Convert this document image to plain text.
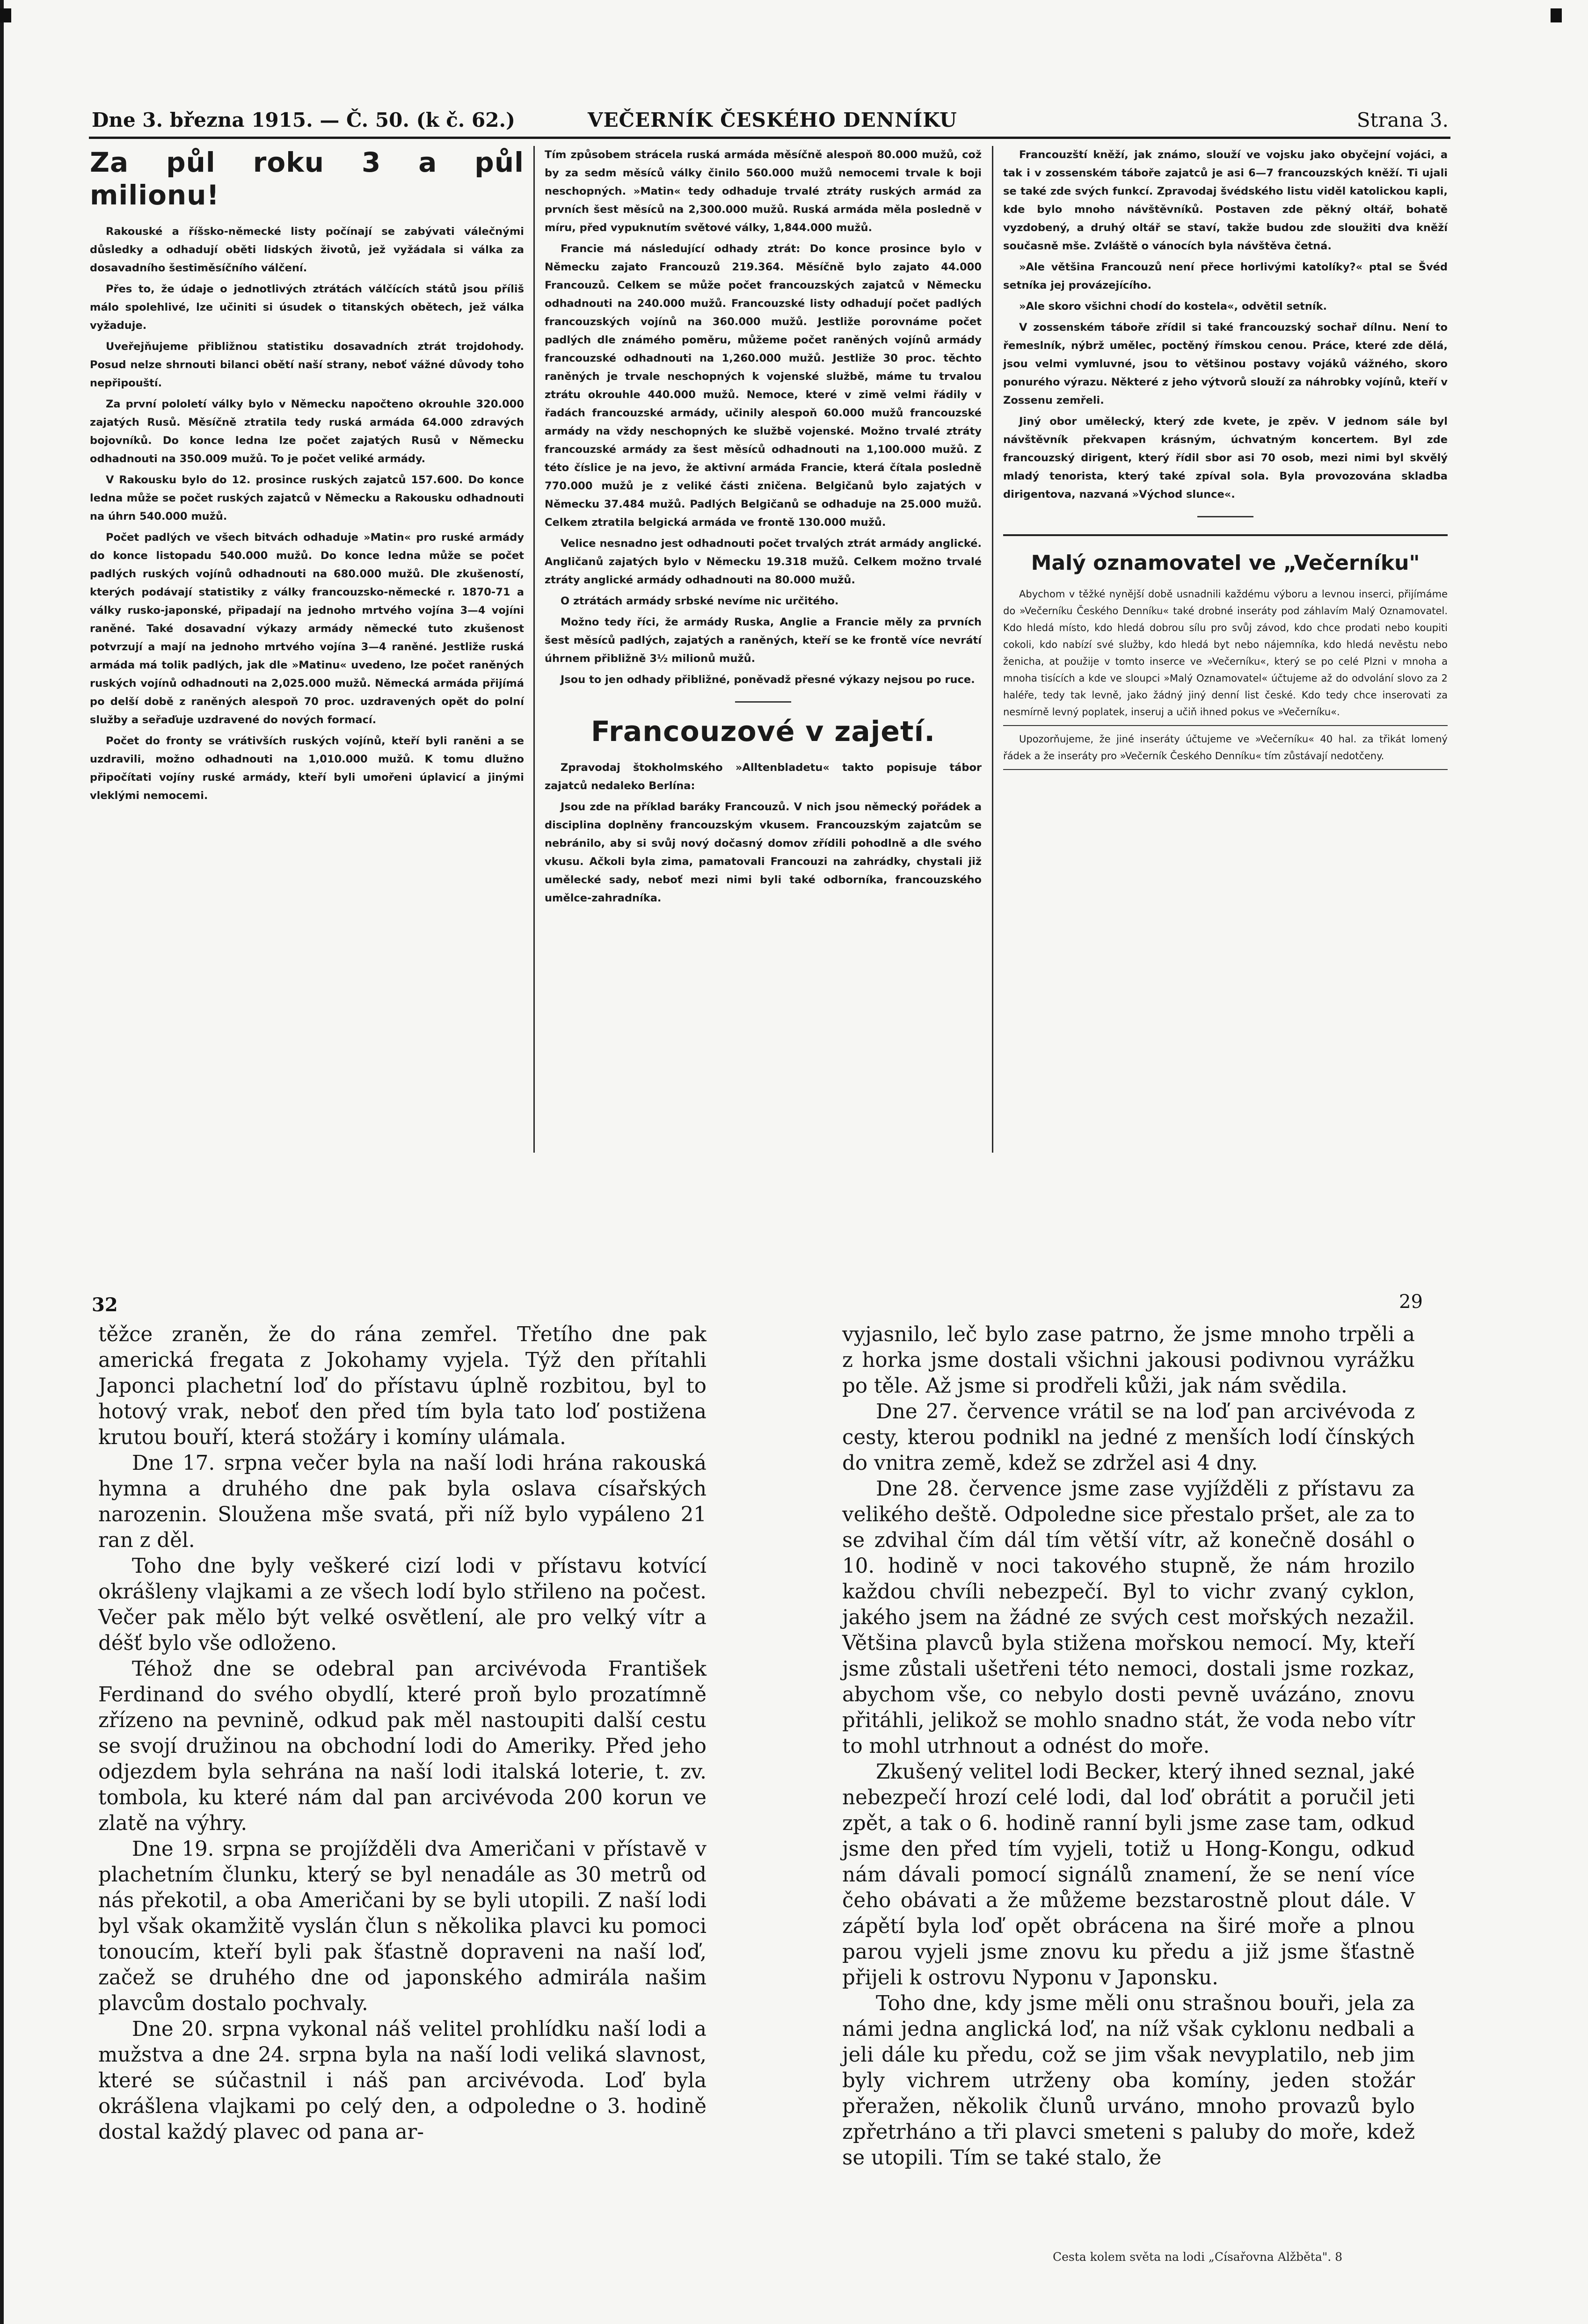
Dne 3. března 1915. — Č. 50. (k č. 62.)	VEČERNÍK ČESKÉHO DENNÍKU	Strana 3.
Za půl roku 3 a půl milionu!

Rakouské a říšsko-německé listy počínají se zabývati válečnými důsledky a odhadují oběti lidských životů, jež vyžádala si válka za dosavadního šestiměsíčního válčení.

Přes to, že údaje o jednotlivých ztrátách válčících států jsou příliš málo spolehlivé, lze učiniti si úsudek o titanských obětech, jež válka vyžaduje.

Uveřejňujeme přibližnou statistiku dosavadních ztrát trojdohody. Posud nelze shrnouti bilanci obětí naší strany, neboť vážné důvody toho nepřipouští.

Za první pololetí války bylo v Německu napočteno okrouhle 320.000 zajatých Rusů. Měsíčně ztratila tedy ruská armáda 64.000 zdravých bojovníků. Do konce ledna lze počet zajatých Rusů v Německu odhadnouti na 350.009 mužů. To je počet veliké armády.

V Rakousku bylo do 12. prosince ruských zajatců 157.600. Do konce ledna může se počet ruských zajatců v Německu a Rakousku odhadnouti na úhrn 540.000 mužů.

Počet padlých ve všech bitvách odhaduje »Matin« pro ruské armády do konce listopadu 540.000 mužů. Do konce ledna může se počet padlých ruských vojínů odhadnouti na 680.000 mužů. Dle zkušeností, kterých podávají statistiky z války francouzsko-německé r. 1870-71 a války rusko-japonské, připadají na jednoho mrtvého vojína 3—4 vojíni raněné. Také dosavadní výkazy armády německé tuto zkušenost potvrzují a mají na jednoho mrtvého vojína 3—4 raněné. Jestliže ruská armáda má tolik padlých, jak dle »Matinu« uvedeno, lze počet raněných ruských vojínů odhadnouti na 2,025.000 mužů. Německá armáda přijímá po delší době z raněných alespoň 70 proc. uzdravených opět do polní služby a seřaďuje uzdravené do nových formací.

Počet do fronty se vrátivších ruských vojínů, kteří byli raněni a se uzdravili, možno odhadnouti na 1,010.000 mužů. K tomu dlužno připočítati vojíny ruské armády, kteří byli umořeni úplavicí a jinými vleklými nemocemi.

Tím způsobem strácela ruská armáda měsíčně alespoň 80.000 mužů, což by za sedm měsíců války činilo 560.000 mužů nemocemi trvale k boji neschopných. »Matin« tedy odhaduje trvalé ztráty ruských armád za prvních šest měsíců na 2,300.000 mužů. Ruská armáda měla posledně v míru, před vypuknutím světové války, 1,844.000 mužů.

Francie má následující odhady ztrát: Do konce prosince bylo v Německu zajato Francouzů 219.364. Měsíčně bylo zajato 44.000 Francouzů. Celkem se může počet francouzských zajatců v Německu odhadnouti na 240.000 mužů. Francouzské listy odhadují počet padlých francouzských vojínů na 360.000 mužů. Jestliže porovnáme počet padlých dle známého poměru, můžeme počet raněných vojínů armády francouzské odhadnouti na 1,260.000 mužů. Jestliže 30 proc. těchto raněných je trvale neschopných k vojenské službě, máme tu trvalou ztrátu okrouhle 440.000 mužů. Nemoce, které v zimě velmi řádily v řadách francouzské armády, učinily alespoň 60.000 mužů francouzské armády na vždy neschopných ke službě vojenské. Možno trvalé ztráty francouzské armády za šest měsíců odhadnouti na 1,100.000 mužů. Z této číslice je na jevo, že aktivní armáda Francie, která čítala posledně 770.000 mužů je z veliké části zničena. Belgičanů bylo zajatých v Německu 37.484 mužů. Padlých Belgičanů se odhaduje na 25.000 mužů. Celkem ztratila belgická armáda ve frontě 130.000 mužů.

Velice nesnadno jest odhadnouti počet trvalých ztrát armády anglické. Angličanů zajatých bylo v Německu 19.318 mužů. Celkem možno trvalé ztráty anglické armády odhadnouti na 80.000 mužů.

O ztrátách armády srbské nevíme nic určitého.

Možno tedy říci, že armády Ruska, Anglie a Francie měly za prvních šest měsíců padlých, zajatých a raněných, kteří se ke frontě více nevrátí úhrnem přibližně 3½ milionů mužů.

Jsou to jen odhady přibližné, poněvadž přesné výkazy nejsou po ruce.

Francouzové v zajetí.

Zpravodaj štokholmského »Alltenbladetu« takto popisuje tábor zajatců nedaleko Berlína:

Jsou zde na příklad baráky Francouzů. V nich jsou německý pořádek a disciplina doplněny francouzským vkusem. Francouzským zajatcům se nebránilo, aby si svůj nový dočasný domov zřídili pohodlně a dle svého vkusu. Ačkoli byla zima, pamatovali Francouzi na zahrádky, chystali již umělecké sady, neboť mezi nimi byli také odborníka, francouzského umělce-zahradníka.

Francouzští kněží, jak známo, slouží ve vojsku jako obyčejní vojáci, a tak i v zossenském táboře zajatců je asi 6—7 francouzských kněží. Ti ujali se také zde svých funkcí. Zpravodaj švédského listu viděl katolickou kapli, kde bylo mnoho návštěvníků. Postaven zde pěkný oltář, bohatě vyzdobený, a druhý oltář se staví, takže budou zde sloužiti dva kněží současně mše. Zvláště o vánocích byla návštěva četná.

»Ale většina Francouzů není přece horlivými katolíky?« ptal se Švéd setníka jej provázejícího.

»Ale skoro všichni chodí do kostela«, odvětil setník.

V zossenském táboře zřídil si také francouzský sochař dílnu. Není to řemeslník, nýbrž umělec, poctěný římskou cenou. Práce, které zde dělá, jsou velmi vymluvné, jsou to většinou postavy vojáků vážného, skoro ponurého výrazu. Některé z jeho výtvorů slouží za náhrobky vojínů, kteří v Zossenu zemřeli.

Jiný obor umělecký, který zde kvete, je zpěv. V jednom sále byl návštěvník překvapen krásným, úchvatným koncertem. Byl zde francouzský dirigent, který řídil sbor asi 70 osob, mezi nimi byl skvělý mladý tenorista, který také zpíval sola. Byla provozována skladba dirigentova, nazvaná »Východ slunce«.

Malý oznamovatel ve „Večerníku"

Abychom v těžké nynější době usnadnili každému výboru a levnou inserci, přijímáme do »Večerníku Českého Denníku« také drobné inseráty pod záhlavím Malý Oznamovatel. Kdo hledá místo, kdo hledá dobrou sílu pro svůj závod, kdo chce prodati nebo koupiti cokoli, kdo nabízí své služby, kdo hledá byt nebo nájemníka, kdo hledá nevěstu nebo ženicha, at použije v tomto inserce ve »Večerníku«, který se po celé Plzni v mnoha a mnoha tisících a kde ve sloupci »Malý Oznamovatel« účtujeme až do odvolání slovo za 2 haléře, tedy tak levně, jako žádný jiný denní list české. Kdo tedy chce inserovati za nesmírně levný poplatek, inseruj a učiň ihned pokus ve »Večerníku«.

Upozorňujeme, že jiné inseráty účtujeme ve »Večerníku« 40 hal. za třikát lomený řádek a že inseráty pro »Večerník Českého Denníku« tím zůstávají nedotčeny.

32	29

těžce zraněn, že do rána zemřel. Třetího dne pak americká fregata z Jokohamy vyjela. Týž den přítahli Japonci plachetní loď do přístavu úplně rozbitou, byl to hotový vrak, neboť den před tím byla tato loď postižena krutou bouří, která stožáry i komíny ulámala.

Dne 17. srpna večer byla na naší lodi hrána rakouská hymna a druhého dne pak byla oslava císařských narozenin. Sloužena mše svatá, při níž bylo vypáleno 21 ran z děl.

Toho dne byly veškeré cizí lodi v přístavu kotvící okrášleny vlajkami a ze všech lodí bylo střileno na počest. Večer pak mělo být velké osvětlení, ale pro velký vítr a déšť bylo vše odloženo.

Téhož dne se odebral pan arcivévoda František Ferdinand do svého obydlí, které proň bylo prozatímně zřízeno na pevnině, odkud pak měl nastoupiti další cestu se svojí družinou na obchodní lodi do Ameriky. Před jeho odjezdem byla sehrána na naší lodi italská loterie, t. zv. tombola, ku které nám dal pan arcivévoda 200 korun ve zlatě na výhry.

Dne 19. srpna se projížděli dva Američani v přístavě v plachetním člunku, který se byl nenadále as 30 metrů od nás překotil, a oba Američani by se byli utopili. Z naší lodi byl však okamžitě vyslán člun s několika plavci ku pomoci tonoucím, kteří byli pak šťastně dopraveni na naší loď, začež se druhého dne od japonského admirála našim plavcům dostalo pochvaly.

Dne 20. srpna vykonal náš velitel prohlídku naší lodi a mužstva a dne 24. srpna byla na naší lodi veliká slavnost, které se súčastnil i náš pan arcivévoda. Loď byla okrášlena vlajkami po celý den, a odpoledne o 3. hodině dostal každý plavec od pana ar-

vyjasnilo, leč bylo zase patrno, že jsme mnoho trpěli a z horka jsme dostali všichni jakousi podivnou vyrážku po těle. Až jsme si prodřeli kůži, jak nám svědila.

Dne 27. července vrátil se na loď pan arcivévoda z cesty, kterou podnikl na jedné z menších lodí čínských do vnitra země, kdež se zdržel asi 4 dny.

Dne 28. července jsme zase vyjížděli z přístavu za velikého deště. Odpoledne sice přestalo pršet, ale za to se zdvihal čím dál tím větší vítr, až konečně dosáhl o 10. hodině v noci takového stupně, že nám hrozilo každou chvíli nebezpečí. Byl to vichr zvaný cyklon, jakého jsem na žádné ze svých cest mořských nezažil. Většina plavců byla stižena mořskou nemocí. My, kteří jsme zůstali ušetřeni této nemoci, dostali jsme rozkaz, abychom vše, co nebylo dosti pevně uvázáno, znovu přitáhli, jelikož se mohlo snadno stát, že voda nebo vítr to mohl utrhnout a odnést do moře.

Zkušený velitel lodi Becker, který ihned seznal, jaké nebezpečí hrozí celé lodi, dal loď obrátit a poručil jeti zpět, a tak o 6. hodině ranní byli jsme zase tam, odkud jsme den před tím vyjeli, totiž u Hong-Kongu, odkud nám dávali pomocí signálů znamení, že se není více čeho obávati a že můžeme bezstarostně plout dále. V zápětí byla loď opět obrácena na širé moře a plnou parou vyjeli jsme znovu ku předu a již jsme šťastně přijeli k ostrovu Nyponu v Japonsku.

Toho dne, kdy jsme měli onu strašnou bouři, jela za námi jedna anglická loď, na níž však cyklonu nedbali a jeli dále ku předu, což se jim však nevyplatilo, neb jim byly vichrem utrženy oba komíny, jeden stožár přeražen, několik člunů urváno, mnoho provazů bylo zpřetrháno a tři plavci smeteni s paluby do moře, kdež se utopili. Tím se také stalo, že

Cesta kolem světa na lodi „Císařovna Alžběta". 8
